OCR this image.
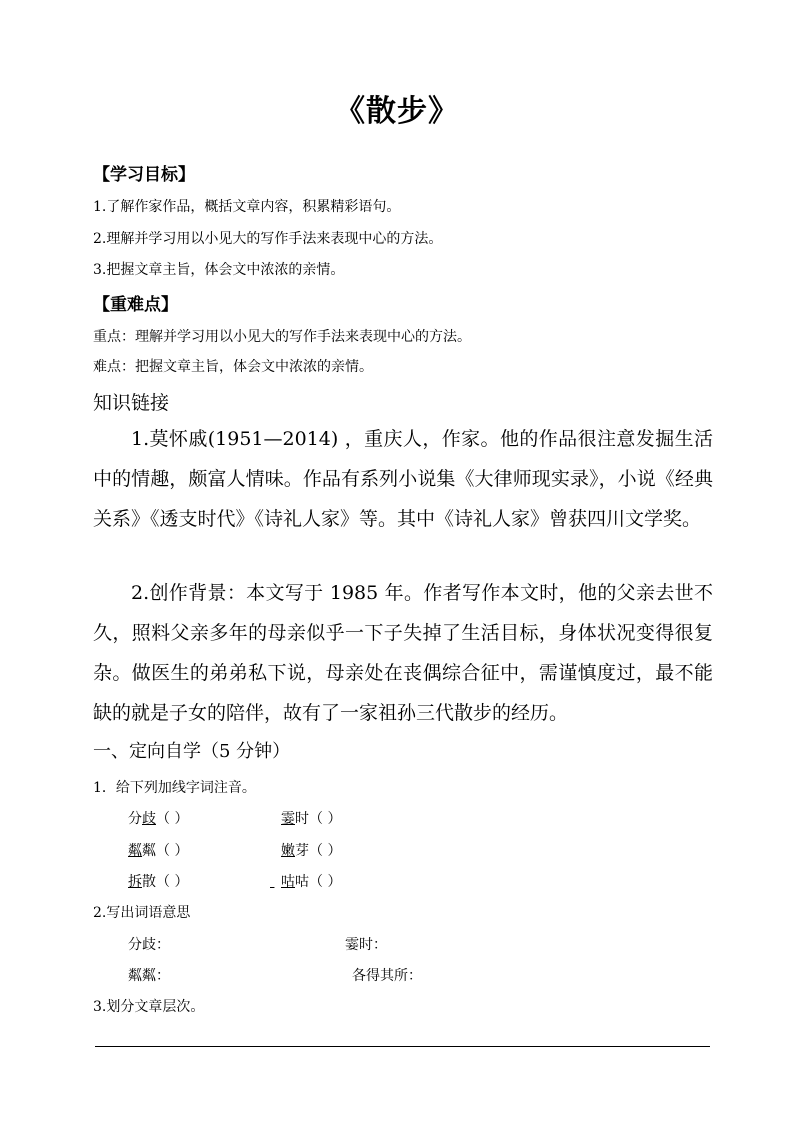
《散步》
【学习目标】
1.了解作家作品，概括文章内容，积累精彩语句。
2.理解并学习用以小见大的写作手法来表现中心的方法。
3.把握文章主旨，体会文中浓浓的亲情。
【重难点】
重点：理解并学习用以小见大的写作手法来表现中心的方法。
难点：把握文章主旨，体会文中浓浓的亲情。
知识链接

1.莫怀戚(1951—2014) ，重庆人，作家。他的作品很注意发掘生活中的情趣，颇富人情味。作品有系列小说集《大律师现实录》，小说《经典关系》《透支时代》《诗礼人家》等。其中《诗礼人家》曾获四川文学奖。

2.创作背景：本文写于 1985 年。作者写作本文时，他的父亲去世不久，照料父亲多年的母亲似乎一下子失掉了生活目标，身体状况变得很复杂。做医生的弟弟私下说，母亲处在丧偶综合征中，需谨慎度过，最不能缺的就是子女的陪伴，故有了一家祖孙三代散步的经历。

一、定向自学（5 分钟）
1．给下列加线字词注音。
分歧（ ）	霎时（ ）
粼粼（ ）	嫩芽（ ）
拆散（ ）	咕咕（ ）
2.写出词语意思
分歧：	霎时：
粼粼：	各得其所：
3.划分文章层次。
